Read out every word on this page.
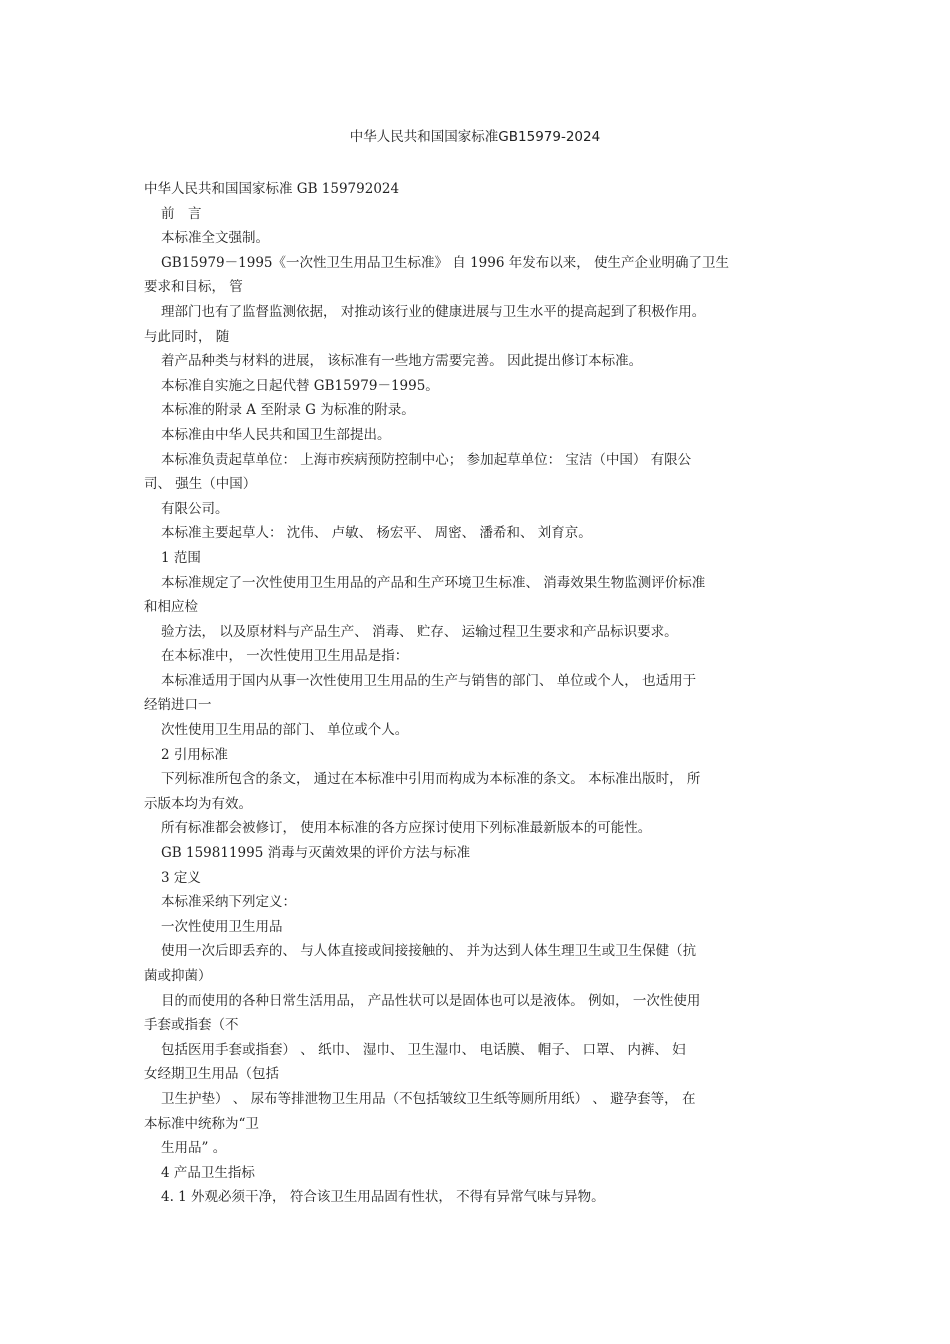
中华人民共和国国家标准GB15979-2024
中华人民共和国国家标准 GB 159792024
前　言
本标准全文强制。
GB15979－1995《一次性卫生用品卫生标准》 自 1996 年发布以来， 使生产企业明确了卫生
要求和目标， 管
理部门也有了监督监测依据， 对推动该行业的健康进展与卫生水平的提高起到了积极作用。
与此同时， 随
着产品种类与材料的进展， 该标准有一些地方需要完善。 因此提出修订本标准。
本标准自实施之日起代替 GB15979－1995。
本标准的附录 A 至附录 G 为标准的附录。
本标准由中华人民共和国卫生部提出。
本标准负责起草单位： 上海市疾病预防控制中心； 参加起草单位： 宝洁（中国） 有限公
司、 强生（中国）
有限公司。
本标准主要起草人： 沈伟、 卢敏、 杨宏平、 周密、 潘希和、 刘育京。
1 范围
本标准规定了一次性使用卫生用品的产品和生产环境卫生标准、 消毒效果生物监测评价标准
和相应检
验方法， 以及原材料与产品生产、 消毒、 贮存、 运输过程卫生要求和产品标识要求。
在本标准中， 一次性使用卫生用品是指：
本标准适用于国内从事一次性使用卫生用品的生产与销售的部门、 单位或个人， 也适用于
经销进口一
次性使用卫生用品的部门、 单位或个人。
2 引用标准
下列标准所包含的条文， 通过在本标准中引用而构成为本标准的条文。 本标准出版时， 所
示版本均为有效。
所有标准都会被修订， 使用本标准的各方应探讨使用下列标准最新版本的可能性。
GB 159811995 消毒与灭菌效果的评价方法与标准
3 定义
本标准采纳下列定义：
一次性使用卫生用品
使用一次后即丢弃的、 与人体直接或间接接触的、 并为达到人体生理卫生或卫生保健（抗
菌或抑菌）
目的而使用的各种日常生活用品， 产品性状可以是固体也可以是液体。 例如， 一次性使用
手套或指套（不
包括医用手套或指套） 、 纸巾、 湿巾、 卫生湿巾、 电话膜、 帽子、 口罩、 内裤、 妇
女经期卫生用品（包括
卫生护垫） 、 尿布等排泄物卫生用品（不包括皱纹卫生纸等厕所用纸） 、 避孕套等， 在
本标准中统称为“卫
生用品” 。
4 产品卫生指标
4. 1 外观必须干净， 符合该卫生用品固有性状， 不得有异常气味与异物。
